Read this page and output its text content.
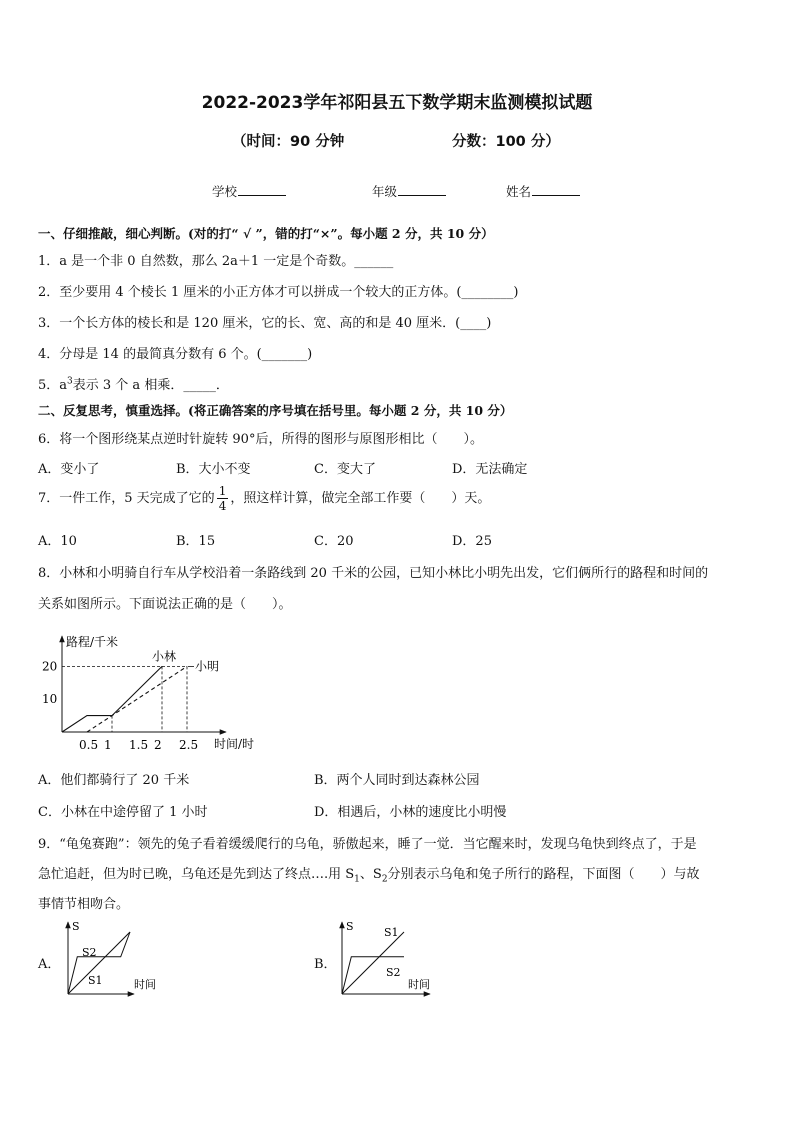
2022-2023学年祁阳县五下数学期末监测模拟试题
（时间：90 分钟	分数：100 分）
学校	年级	姓名
一、仔细推敲，细心判断。(对的打“ √ ”，错的打“×”。每小题 2 分，共 10 分）
1．a 是一个非 0 自然数，那么 2a＋1 一定是个奇数。______
2．至少要用 4 个棱长 1 厘米的小正方体才可以拼成一个较大的正方体。(________)
3．一个长方体的棱长和是 120 厘米，它的长、宽、高的和是 40 厘米．(____)
4．分母是 14 的最简真分数有 6 个。(_______)
5．$a^3$表示 3 个 a 相乘．_____．
二、反复思考，慎重选择。(将正确答案的序号填在括号里。每小题 2 分，共 10 分）
6．将一个图形绕某点逆时针旋转 90°后，所得的图形与原图形相比（　　）。
A．变小了	B．大小不变	C．变大了	D．无法确定
7．一件工作，5 天完成了它的 $\frac{1}{4}$ ，照这样计算，做完全部工作要（　　）天。
A．10	B．15	C．20	D．25
8．小林和小明骑自行车从学校沿着一条路线到 20 千米的公园，已知小林比小明先出发，它们俩所行的路程和时间的
关系如图所示。下面说法正确的是（　　）。
路程/千米
时间/时
10
20
0.5 1 1.5 2 2.5
小林
小明
A．他们都骑行了 20 千米	B．两个人同时到达森林公园
C．小林在中途停留了 1 小时	D．相遇后，小林的速度比小明慢
9．“龟兔赛跑”：领先的兔子看着缓缓爬行的乌龟，骄傲起来，睡了一觉．当它醒来时，发现乌龟快到终点了，于是
急忙追赶，但为时已晚，乌龟还是先到达了终点….用 $S_1$、$S_2$分别表示乌龟和兔子所行的路程，下面图（　　）与故
事情节相吻合。
A．
S
时间
S2
S1
B．
S
时间
S1
S2
